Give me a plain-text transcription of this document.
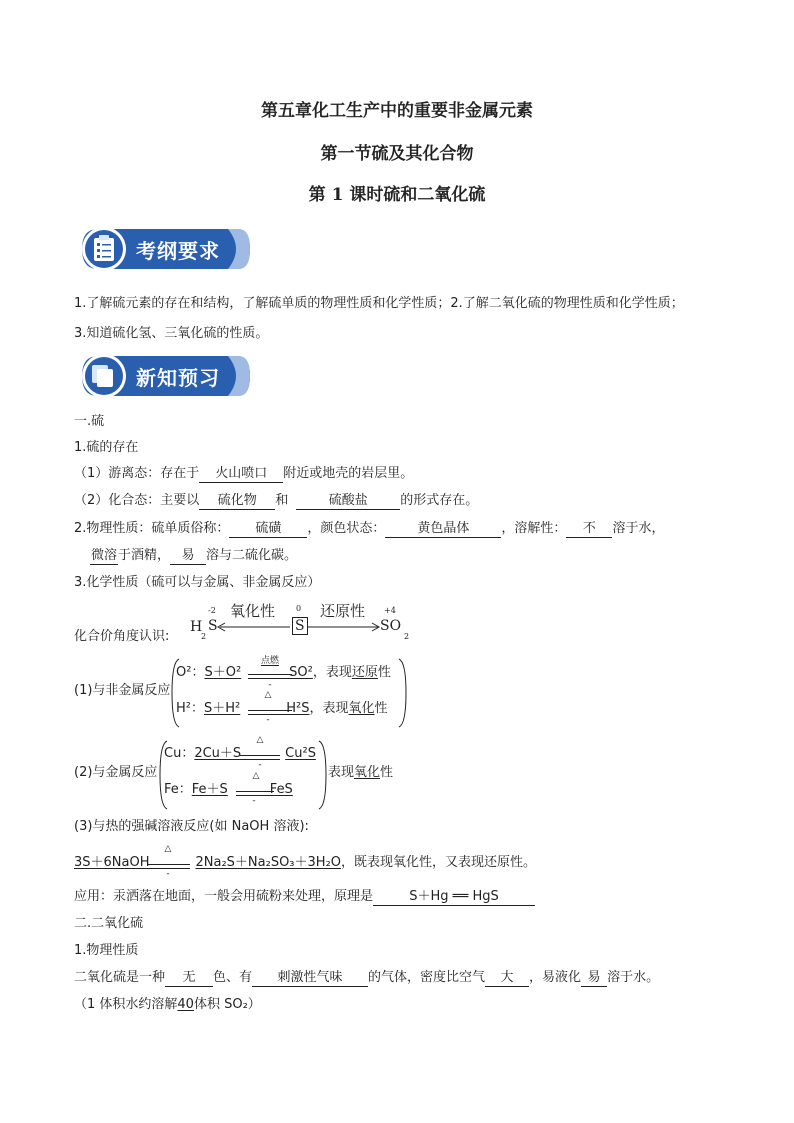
第五章化工生产中的重要非金属元素
第一节硫及其化合物
第 1 课时硫和二氧化硫
考纲要求
1.了解硫元素的存在和结构，了解硫单质的物理性质和化学性质；2.了解二氧化硫的物理性质和化学性质；
3.知道硫化氢、三氧化硫的性质。
新知预习
一.硫
1.硫的存在
（1）游离态：存在于 火山喷口 附近或地壳的岩层里。
（2）化合态：主要以 硫化物 和	硫酸盐	的形式存在。
2.物理性质：硫单质俗称： 硫磺 ，颜色状态： 黄色晶体 ，溶解性： 不 溶于水，
微溶于酒精， 易 溶与二硫化碳。
3.化学性质（硫可以与金属、非金属反应）
化合价角度认识:
H
2
-2
S
氧化性	0
S
还原性 +4
SO
2
(1)与非金属反应
O²：S＋O²	SO²，表现还原性
点燃
-
H²：S＋H²	H²S，表现氧化性
△
-
(2)与金属反应
Cu：2Cu＋S	Cu²S
△
-
Fe：Fe＋S	FeS
△
-
表现氧化性
(3)与热的强碱溶液反应(如 NaOH 溶液):
3S＋6NaOH	2Na₂S＋Na₂SO₃＋3H₂O，既表现氧化性，又表现还原性。
△
-
应用：汞洒落在地面，一般会用硫粉来处理，原理是	S＋Hg ══ HgS
二.二氧化硫
1.物理性质
二氧化硫是一种 无 色、有 刺激性气味 的气体，密度比空气 大 ，易液化 易 溶于水。
（1 体积水约溶解40体积 SO₂）
